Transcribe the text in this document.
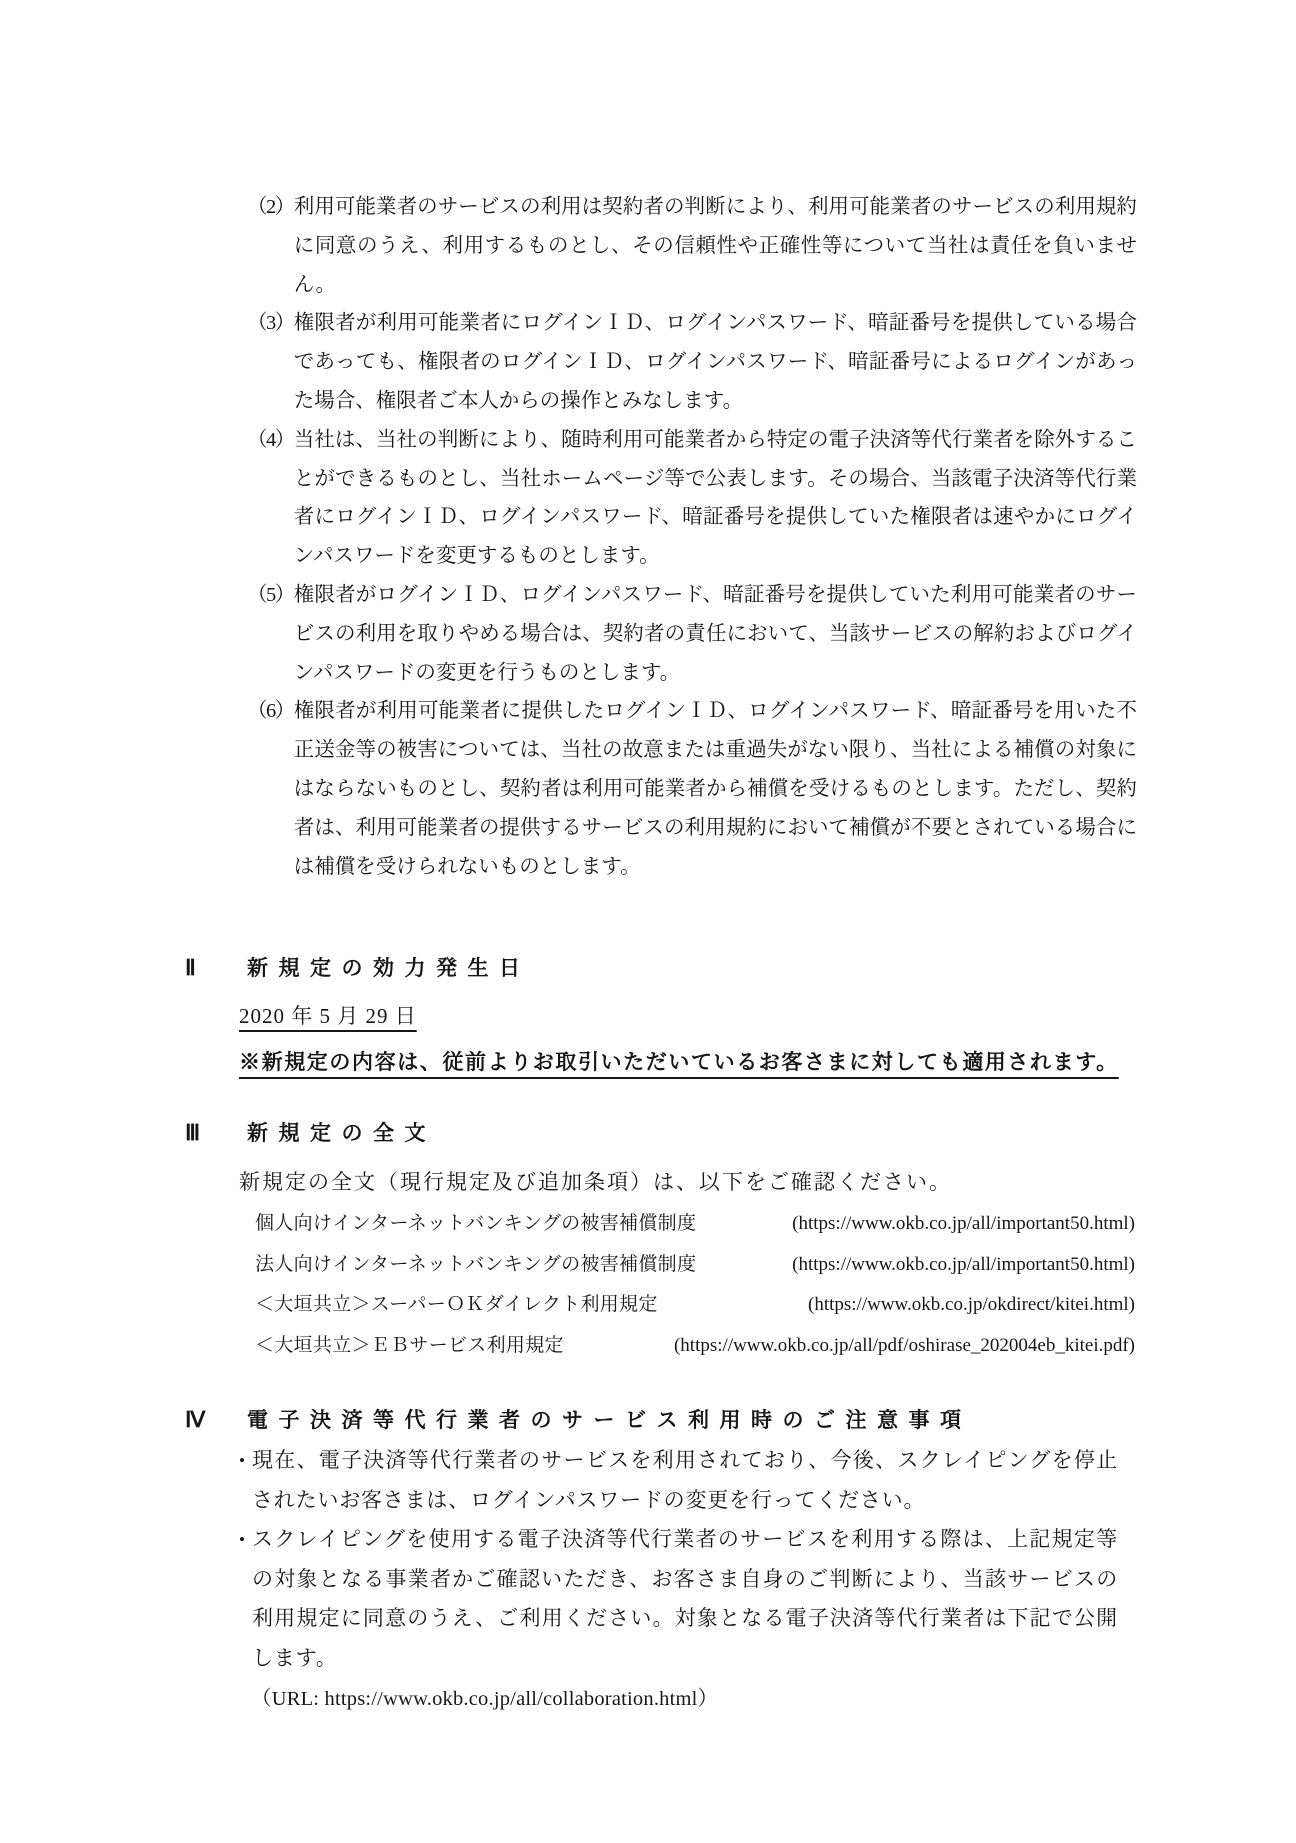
（2） 利用可能業者のサービスの利用は契約者の判断により、利用可能業者のサービスの利用規約に同意のうえ、利用するものとし、その信頼性や正確性等について当社は責任を負いません。
（3） 権限者が利用可能業者にログインＩＤ、ログインパスワード、暗証番号を提供している場合であっても、権限者のログインＩＤ、ログインパスワード、暗証番号によるログインがあった場合、権限者ご本人からの操作とみなします。
（4） 当社は、当社の判断により、随時利用可能業者から特定の電子決済等代行業者を除外することができるものとし、当社ホームページ等で公表します。その場合、当該電子決済等代行業者にログインＩＤ、ログインパスワード、暗証番号を提供していた権限者は速やかにログインパスワードを変更するものとします。
（5） 権限者がログインＩＤ、ログインパスワード、暗証番号を提供していた利用可能業者のサービスの利用を取りやめる場合は、契約者の責任において、当該サービスの解約およびログインパスワードの変更を行うものとします。
（6） 権限者が利用可能業者に提供したログインＩＤ、ログインパスワード、暗証番号を用いた不正送金等の被害については、当社の故意または重過失がない限り、当社による補償の対象にはならないものとし、契約者は利用可能業者から補償を受けるものとします。ただし、契約者は、利用可能業者の提供するサービスの利用規約において補償が不要とされている場合には補償を受けられないものとします。
Ⅱ	新規定の効力発生日
2020 年 5 月 29 日
※新規定の内容は、従前よりお取引いただいているお客さまに対しても適用されます。
Ⅲ	新規定の全文
新規定の全文（現行規定及び追加条項）は、以下をご確認ください。
個人向けインターネットバンキングの被害補償制度	(https://www.okb.co.jp/all/important50.html)
法人向けインターネットバンキングの被害補償制度	(https://www.okb.co.jp/all/important50.html)
＜大垣共立＞スーパーＯＫダイレクト利用規定	(https://www.okb.co.jp/okdirect/kitei.html)
＜大垣共立＞ＥＢサービス利用規定	(https://www.okb.co.jp/all/pdf/oshirase_202004eb_kitei.pdf)
Ⅳ	電子決済等代行業者のサービス利用時のご注意事項
• 現在、電子決済等代行業者のサービスを利用されており、今後、スクレイピングを停止されたいお客さまは、ログインパスワードの変更を行ってください。
• スクレイピングを使用する電子決済等代行業者のサービスを利用する際は、上記規定等の対象となる事業者かご確認いただき、お客さま自身のご判断により、当該サービスの利用規定に同意のうえ、ご利用ください。対象となる電子決済等代行業者は下記で公開します。
（URL: https://www.okb.co.jp/all/collaboration.html）
